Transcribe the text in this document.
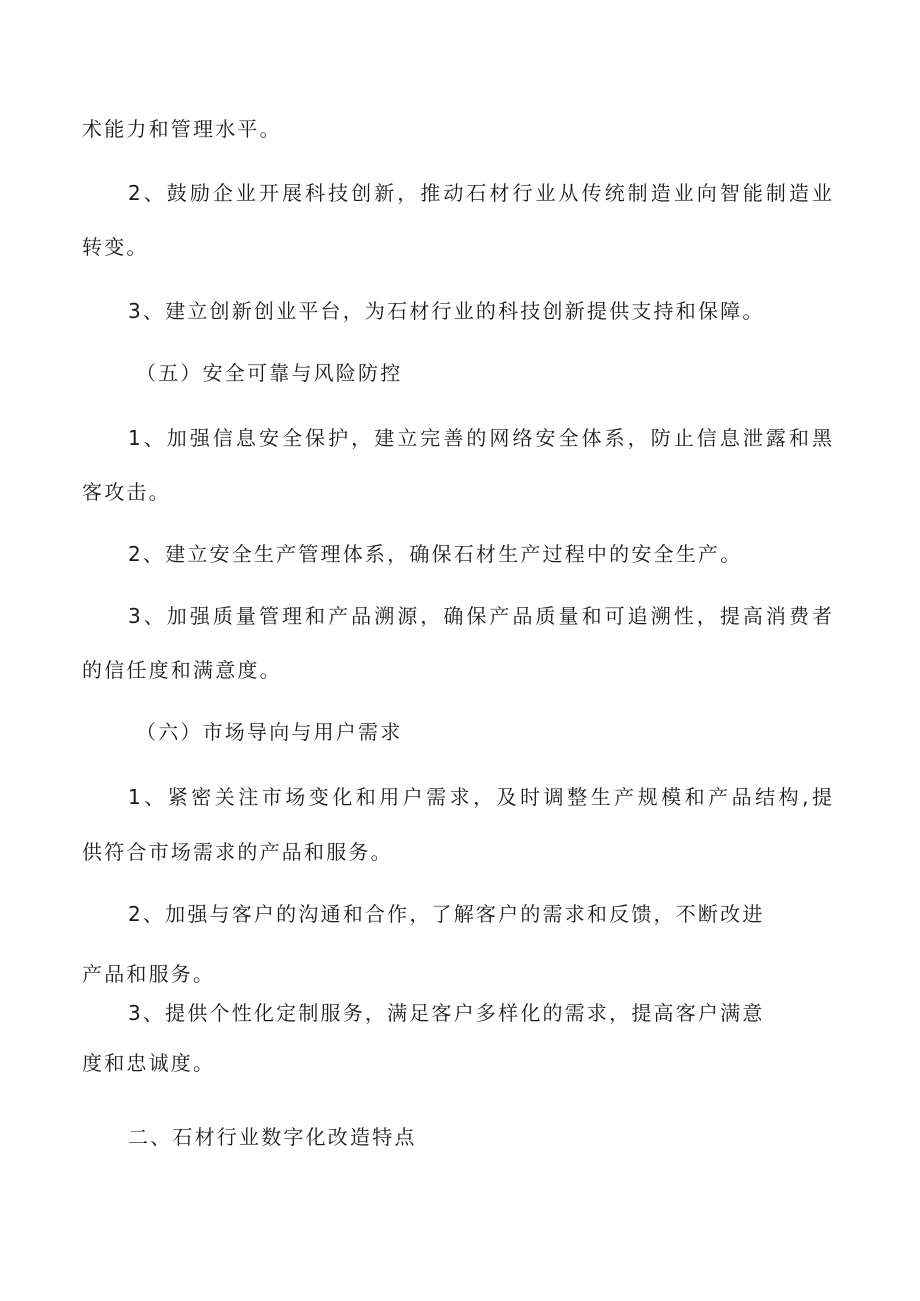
术能力和管理水平。

2、鼓励企业开展科技创新，推动石材行业从传统制造业向智能制造业

转变。

3、建立创新创业平台，为石材行业的科技创新提供支持和保障。

（五）安全可靠与风险防控

1、加强信息安全保护，建立完善的网络安全体系，防止信息泄露和黑

客攻击。

2、建立安全生产管理体系，确保石材生产过程中的安全生产。

3、加强质量管理和产品溯源，确保产品质量和可追溯性，提高消费者

的信任度和满意度。

（六）市场导向与用户需求

1、紧密关注市场变化和用户需求，及时调整生产规模和产品结构,提

供符合市场需求的产品和服务。

2、加强与客户的沟通和合作，了解客户的需求和反馈，不断改进

产品和服务。

3、提供个性化定制服务，满足客户多样化的需求，提高客户满意

度和忠诚度。

二、石材行业数字化改造特点
